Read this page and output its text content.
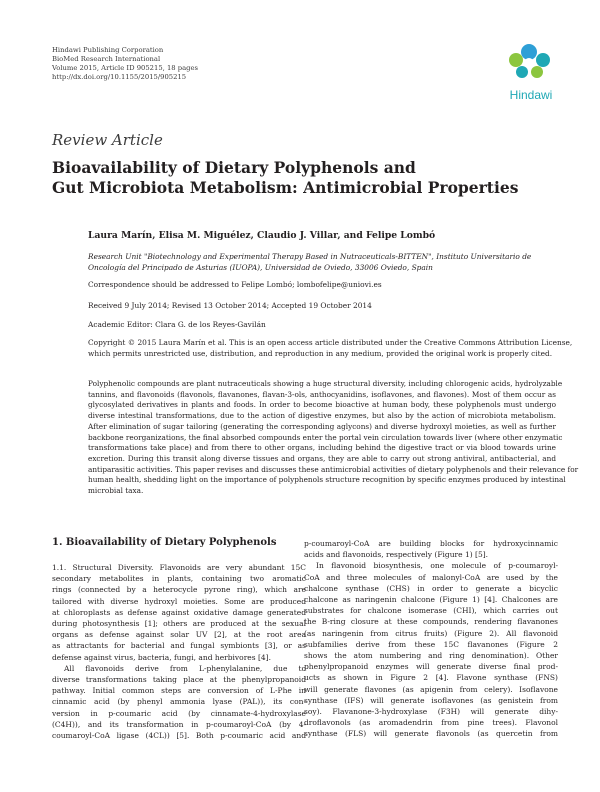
Hindawi Publishing Corporation
BioMed Research International
Volume 2015, Article ID 905215, 18 pages
http://dx.doi.org/10.1155/2015/905215
Hindawi
Review Article
Bioavailability of Dietary Polyphenols and
Gut Microbiota Metabolism: Antimicrobial Properties
Laura Marín, Elisa M. Miguélez, Claudio J. Villar, and Felipe Lombó
Research Unit "Biotechnology and Experimental Therapy Based in Nutraceuticals-BITTEN", Instituto Universitario de
Oncología del Principado de Asturias (IUOPA), Universidad de Oviedo, 33006 Oviedo, Spain
Correspondence should be addressed to Felipe Lombó; lombofelipe@uniovi.es
Received 9 July 2014; Revised 13 October 2014; Accepted 19 October 2014
Academic Editor: Clara G. de los Reyes-Gavilán
Copyright © 2015 Laura Marín et al. This is an open access article distributed under the Creative Commons Attribution License,
which permits unrestricted use, distribution, and reproduction in any medium, provided the original work is properly cited.
Polyphenolic compounds are plant nutraceuticals showing a huge structural diversity, including chlorogenic acids, hydrolyzable
tannins, and flavonoids (flavonols, flavanones, flavan-3-ols, anthocyanidins, isoflavones, and flavones). Most of them occur as
glycosylated derivatives in plants and foods. In order to become bioactive at human body, these polyphenols must undergo
diverse intestinal transformations, due to the action of digestive enzymes, but also by the action of microbiota metabolism.
After elimination of sugar tailoring (generating the corresponding aglycons) and diverse hydroxyl moieties, as well as further
backbone reorganizations, the final absorbed compounds enter the portal vein circulation towards liver (where other enzymatic
transformations take place) and from there to other organs, including behind the digestive tract or via blood towards urine
excretion. During this transit along diverse tissues and organs, they are able to carry out strong antiviral, antibacterial, and
antiparasitic activities. This paper revises and discusses these antimicrobial activities of dietary polyphenols and their relevance for
human health, shedding light on the importance of polyphenols structure recognition by specific enzymes produced by intestinal
microbial taxa.
1. Bioavailability of Dietary Polyphenols
1.1. Structural Diversity. Flavonoids are very abundant 15C
secondary metabolites in plants, containing two aromatic
rings (connected by a heterocycle pyrone ring), which are
tailored with diverse hydroxyl moieties. Some are produced
at chloroplasts as defense against oxidative damage generated
during photosynthesis [1]; others are produced at the sexual
organs as defense against solar UV [2], at the root area
as attractants for bacterial and fungal symbionts [3], or as
defense against virus, bacteria, fungi, and herbivores [4].
All flavonoids derive from L-phenylalanine, due to
diverse transformations taking place at the phenylpropanoid
pathway. Initial common steps are conversion of L-Phe in
cinnamic acid (by phenyl ammonia lyase (PAL)), its con-
version in p-coumaric acid (by cinnamate-4-hydroxylase
(C4H)), and its transformation in p-coumaroyl-CoA (by 4-
coumaroyl-CoA ligase (4CL)) [5]. Both p-coumaric acid and
p-coumaroyl-CoA are building blocks for hydroxycinnamic
acids and flavonoids, respectively (Figure 1) [5].
In flavonoid biosynthesis, one molecule of p-coumaroyl-
CoA and three molecules of malonyl-CoA are used by the
chalcone synthase (CHS) in order to generate a bicyclic
chalcone as naringenin chalcone (Figure 1) [4]. Chalcones are
substrates for chalcone isomerase (CHI), which carries out
the B-ring closure at these compounds, rendering flavanones
(as naringenin from citrus fruits) (Figure 2). All flavonoid
subfamilies derive from these 15C flavanones (Figure 2
shows the atom numbering and ring denomination). Other
phenylpropanoid enzymes will generate diverse final prod-
ucts as shown in Figure 2 [4]. Flavone synthase (FNS)
will generate flavones (as apigenin from celery). Isoflavone
synthase (IFS) will generate isoflavones (as genistein from
soy). Flavanone-3-hydroxylase (F3H) will generate dihy-
droflavonols (as aromadendrin from pine trees). Flavonol
synthase (FLS) will generate flavonols (as quercetin from
